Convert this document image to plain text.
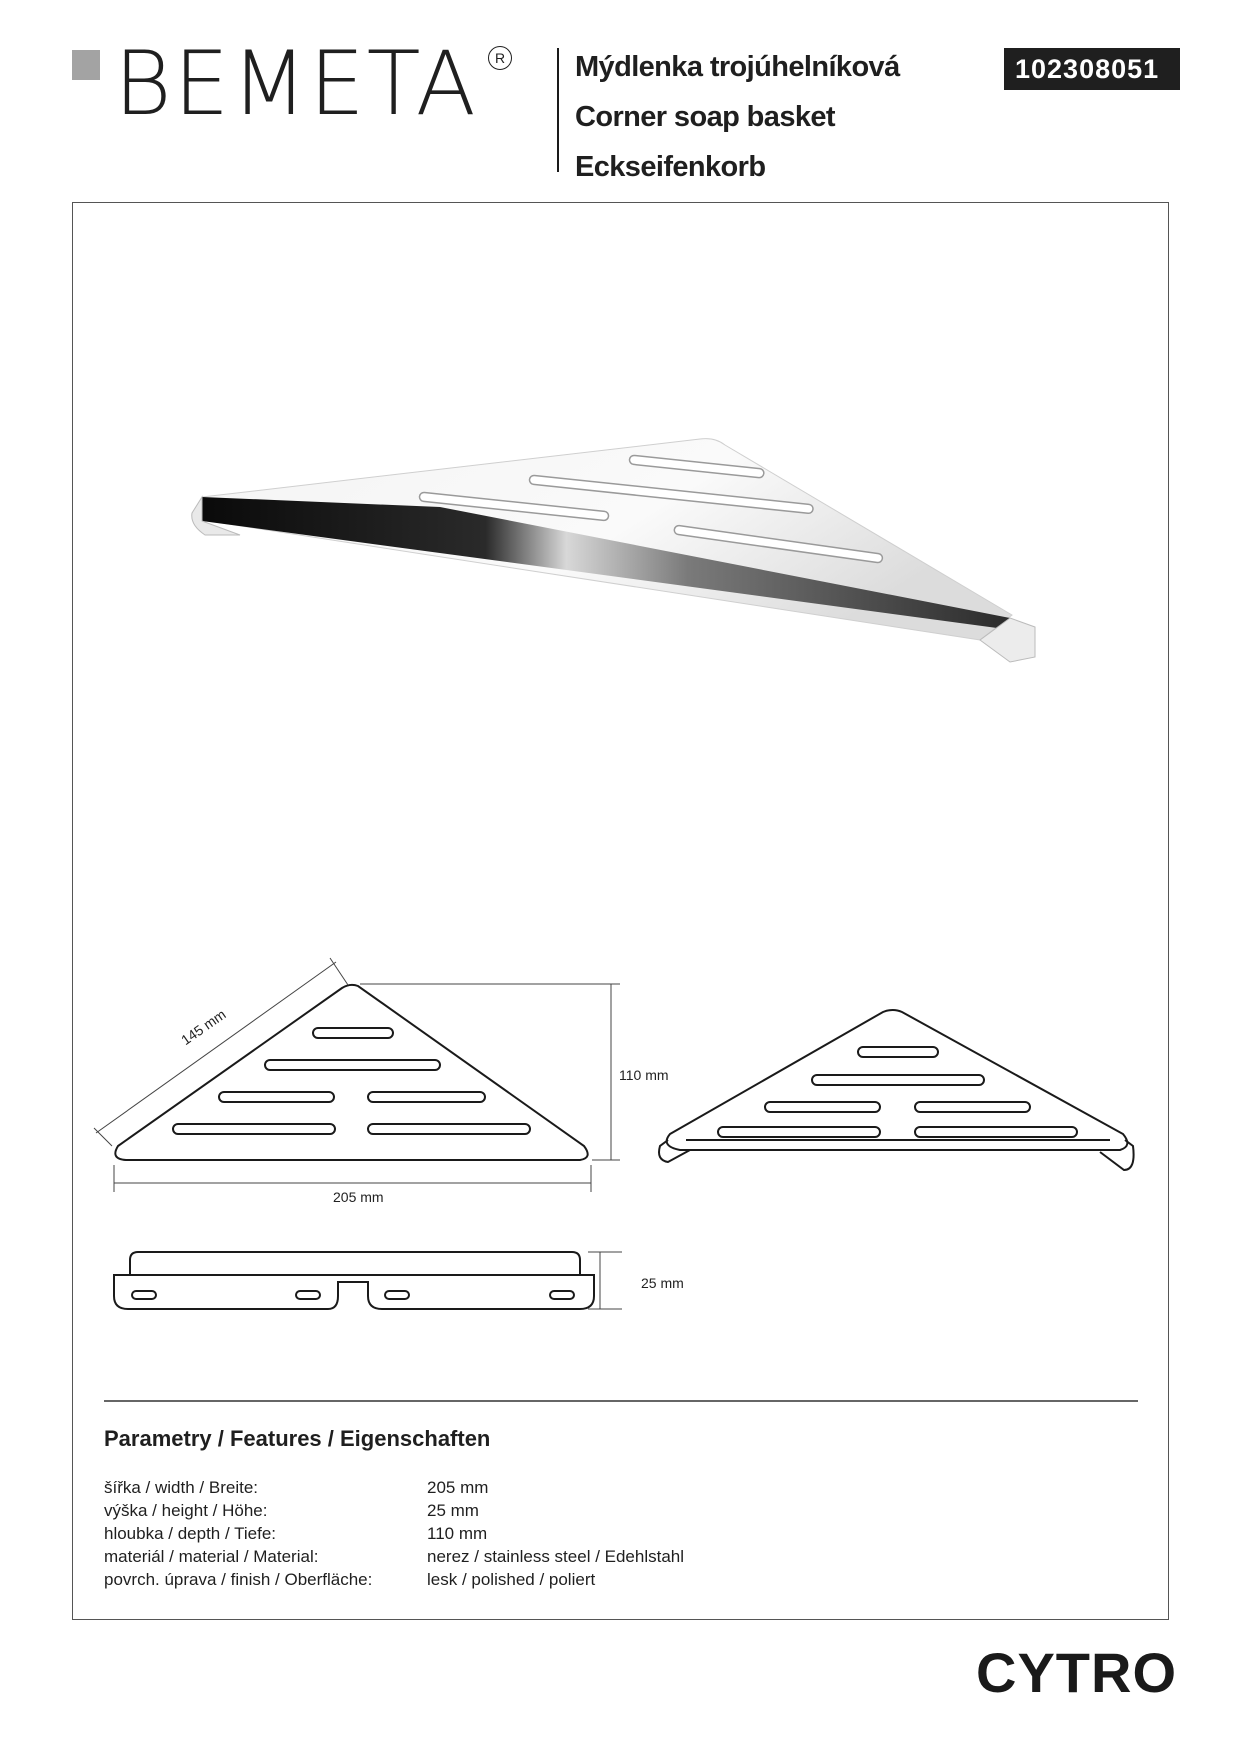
BEMETA	R Mýdlenka trojúhelníková
Corner soap basket
Eckseifenkorb
102308051
145 mm
110 mm
205 mm
25 mm
Parametry / Features / Eigenschaften
šířka / width / Breite:	205 mm
výška / height / Höhe:	25 mm
hloubka / depth / Tiefe:	110 mm
materiál / material / Material:	nerez / stainless steel / Edehlstahl
povrch. úprava / finish / Oberfläche:	lesk / polished / poliert
CYTRO
